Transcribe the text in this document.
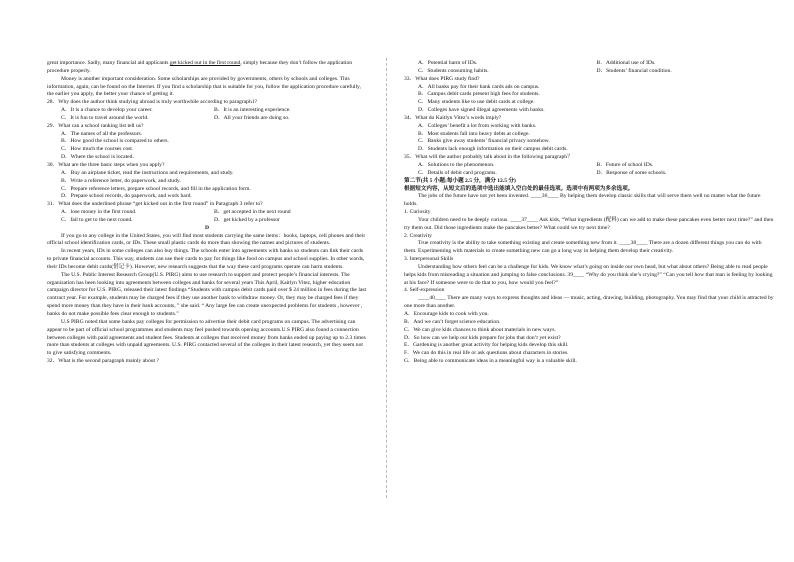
great importance. Sadly, many financial aid applicants get kicked out in the first round, simply because they don’t follow the application procedure properly.

Money is another important consideration. Some scholarships are provided by governments, others by schools and colleges. This information, again, can be found on the Internet. If you find a scholarship that is suitable for you, follow the application procedure carefully, the earlier you apply, the better your chance of getting it.

28．Why does the author think studying abroad is truly worthwhile according to paragraph1?

A．It is a chance to develop your career.	B．It is an interesting experience.
C．It is fun to travel around the world.	D．All your friends are doing so.

29．What can a school ranking list tell us?

A．The names of all the professors.

B．How good the school is compared to others.

C．How much the courses cost.

D．Where the school is located.

30．What are the three basic steps when you apply?

A．Buy an airplane ticket, read the instructions and requirements, and study.

B．Write a reference letter, do paperwork, and study.

C．Prepare reference letters, prepare school records, and fill in the application form.

D．Prepare school records, do paperwork, and work hard.

31．What does the underlined phrase “get kicked out in the first round” in Paragraph 3 refer to?

A．lose money in the first round.	B．get accepted in the next round
C．fail to get to the next round.	D．get kicked by a professor

D

If you go to any college in the United States, you will find most students carrying the same items：books, laptops, cell phones and their official school identification cards, or IDs. These small plastic cards do more than showing the names and pictures of students.

In recent years, IDs in some colleges can also buy things. The schools enter into agreements with banks so students can link their cards to private financial accounts. This way, students can use their cards to pay for things like food on campus and school supplies. In other words, their IDs become debit cards(借记卡). However, new research suggests that the way these card programs operate can harm students.

The U.S. Public Interest Research Group(U.S. PIRG) aims to use research to support and protect people’s financial interests. The organization has been looking into agreements between colleges and banks for several years This April, Kaitlyn Vitez, higher education campaign director for U.S. PIRG, released their latest findings “Students with campus debit cards paid over $ 24 million in fees during the last contract year. For example, students may be charged fees if they use another bank to withdraw money. Or, they may be charged fees if they spend more money than they have in their bank accounts, ” she said. “ Any large fee can create unexpected problems for students , however , banks do not make possible fees clear enough to students.”

U.S PIRG noted that some banks pay colleges for permission to advertise their debit card programs on campus. The advertising can appear to be part of official school programmes and students may feel pushed towards opening accounts.U.S PIRG also found a connection between colleges with paid agreements and student fees. Students at colleges that received money from banks ended up paying up to 2.3 times more than students at colleges with unpaid agreements. U.S. PIRG contacted several of the colleges in their latest research, yet they seem not to give satisfying comments.

32．What is the second paragraph mainly about ?

A．Potential harm of IDs.	B．Additional use of IDs.
C．Students consuming habits.	D．Students’ financial condition.

33．What does PIRG study find?

A．All banks pay for their bank cards ads on campus.

B．Campus debit cards present high fees for students.

C．Many students like to use debit cards at college.

D．Colleges have signed illegal agreements with banks.

34．What do Kaitlyn Vitez’s words imply?

A．Colleges’ benefit a lot from working with banks.

B．Most students fall into heavy debts at college.

C．Banks give away students’ financial privacy somehow.

D．Students lack enough information on their campus debit cards.

35．What will the author probably talk about in the following paragraph？

A．Solutions to the phenomenon.	B．Future of school IDs.
C．Details of debit card programs.	D．Response of some schools.

第二节(共 5 小题;每小题 2.5 分，满分 12.5 分)

根据短文内容，从短文后的选项中选出能填入空白处的最佳选项。选项中有两项为多余选项。

The jobs of the future have not yet been invented. ____36____ By helping them develop classic skills that will serve them well no matter what the future holds.

1. Curiosity

Your children need to be deeply curious. ____37____ Ask kids, “What ingredients (配料) can we add to make these pancakes even better next time?” and then try them out. Did those ingredients make the pancakes better? What could we try next time?

2. Creativity

True creativity is the ability to take something existing and create something new from it. ____38____ There are a dozen different things you can do with them. Experimenting with materials to create something new can go a long way in helping them develop their creativity.

3. Interpersonal Skills

Understanding how others feel can be a challenge for kids. We know what’s going on inside our own head, but what about others? Being able to read people helps kids from misreading a situation and jumping to false conclusions. 39____ “Why do you think she’s crying?” “Can you tell how that man is feeling by looking at his face? If someone were to do that to you, how would you feel?”

4. Self-expression

____40____ There are many ways to express thoughts and ideas — music, acting, drawing, building, photography. You may find that your child is attracted by one more than another.

A．Encourage kids to cook with you.

B．And we can’t forget science education.

C．We can give kids chances to think about materials in new ways.

D．So how can we help our kids prepare for jobs that don’t yet exist?

E．Gardening is another great activity for helping kids develop this skill.

F．We can do this in real life or ask questions about characters in stories.

G．Being able to communicate ideas in a meaningful way is a valuable skill.
